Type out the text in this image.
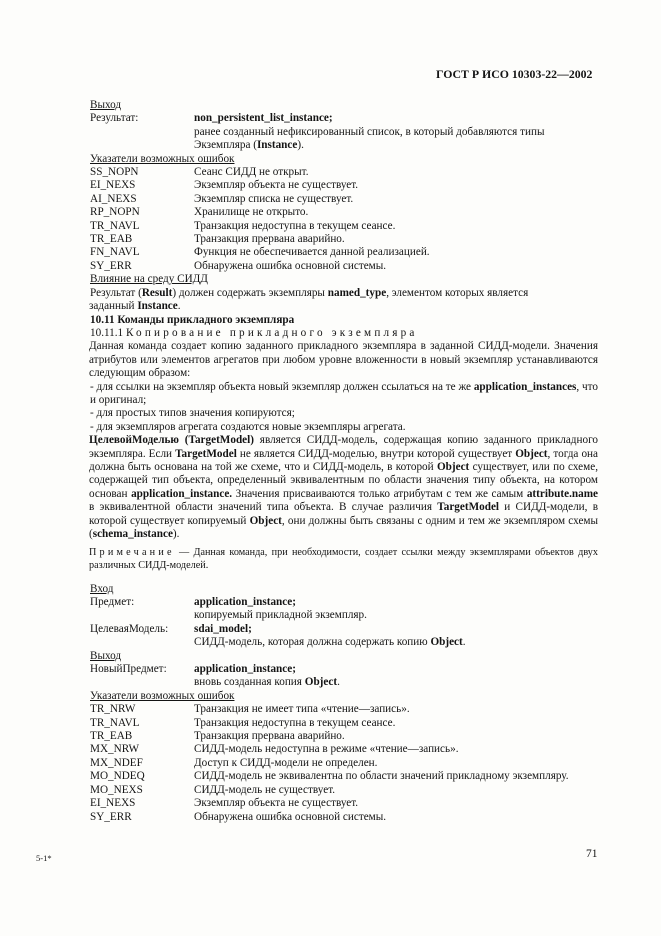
ГОСТ Р ИСО 10303-22—2002
Выход
Результат:	non_persistent_list_instance;
ранее созданный нефиксированный список, в который добавляются типы
Экземпляра (Instance).
Указатели возможных ошибок
SS_NOPN	Сеанс СИДД не открыт.
EI_NEXS	Экземпляр объекта не существует.
AI_NEXS	Экземпляр списка не существует.
RP_NOPN	Хранилище не открыто.
TR_NAVL	Транзакция недоступна в текущем сеансе.
TR_EAB	Транзакция прервана аварийно.
FN_NAVL	Функция не обеспечивается данной реализацией.
SY_ERR	Обнаружена ошибка основной системы.
Влияние на среду СИДД

Результат (Result) должен содержать экземпляры named_type, элементом которых является

заданный Instance.
10.11 Команды прикладного экземпляра
10.11.1 Копирование прикладного экземпляра

Данная команда создает копию заданного прикладного экземпляра в заданной СИДД-модели. Значения атрибутов или элементов агрегатов при любом уровне вложенности в новый экземпляр устанавливаются следующим образом:

- для ссылки на экземпляр объекта новый экземпляр должен ссылаться на те же application_instances, что и оригинал;

- для простых типов значения копируются;

- для экземпляров агрегата создаются новые экземпляры агрегата.

ЦелевойМоделью (TargetModel) является СИДД-модель, содержащая копию заданного прикладного экземпляра. Если TargetModel не является СИДД-моделью, внутри которой существует Object, тогда она должна быть основана на той же схеме, что и СИДД-модель, в которой Object существует, или по схеме, содержащей тип объекта, определенный эквивалентным по области значения типу объекта, на котором основан application_instance. Значения присваиваются только атрибутам с тем же самым attribute.name в эквивалентной области значений типа объекта. В случае различия TargetModel и СИДД-модели, в которой существует копируемый Object, они должны быть связаны с одним и тем же экземпляром схемы (schema_instance).

Примечание — Данная команда, при необходимости, создает ссылки между экземплярами объектов двух различных СИДД-моделей.

Вход
Предмет:	application_instance;
копируемый прикладной экземпляр.
ЦелеваяМодель:	sdai_model;
СИДД-модель, которая должна содержать копию Object.
Выход
НовыйПредмет:	application_instance;
вновь созданная копия Object.
Указатели возможных ошибок
TR_NRW	Транзакция не имеет типа «чтение—запись».
TR_NAVL	Транзакция недоступна в текущем сеансе.
TR_EAB	Транзакция прервана аварийно.
MX_NRW	СИДД-модель недоступна в режиме «чтение—запись».
MX_NDEF	Доступ к СИДД-модели не определен.
MO_NDEQ	СИДД-модель не эквивалентна по области значений прикладному экземпляру.
MO_NEXS	СИДД-модель не существует.
EI_NEXS	Экземпляр объекта не существует.
SY_ERR	Обнаружена ошибка основной системы.
5-1*	71
